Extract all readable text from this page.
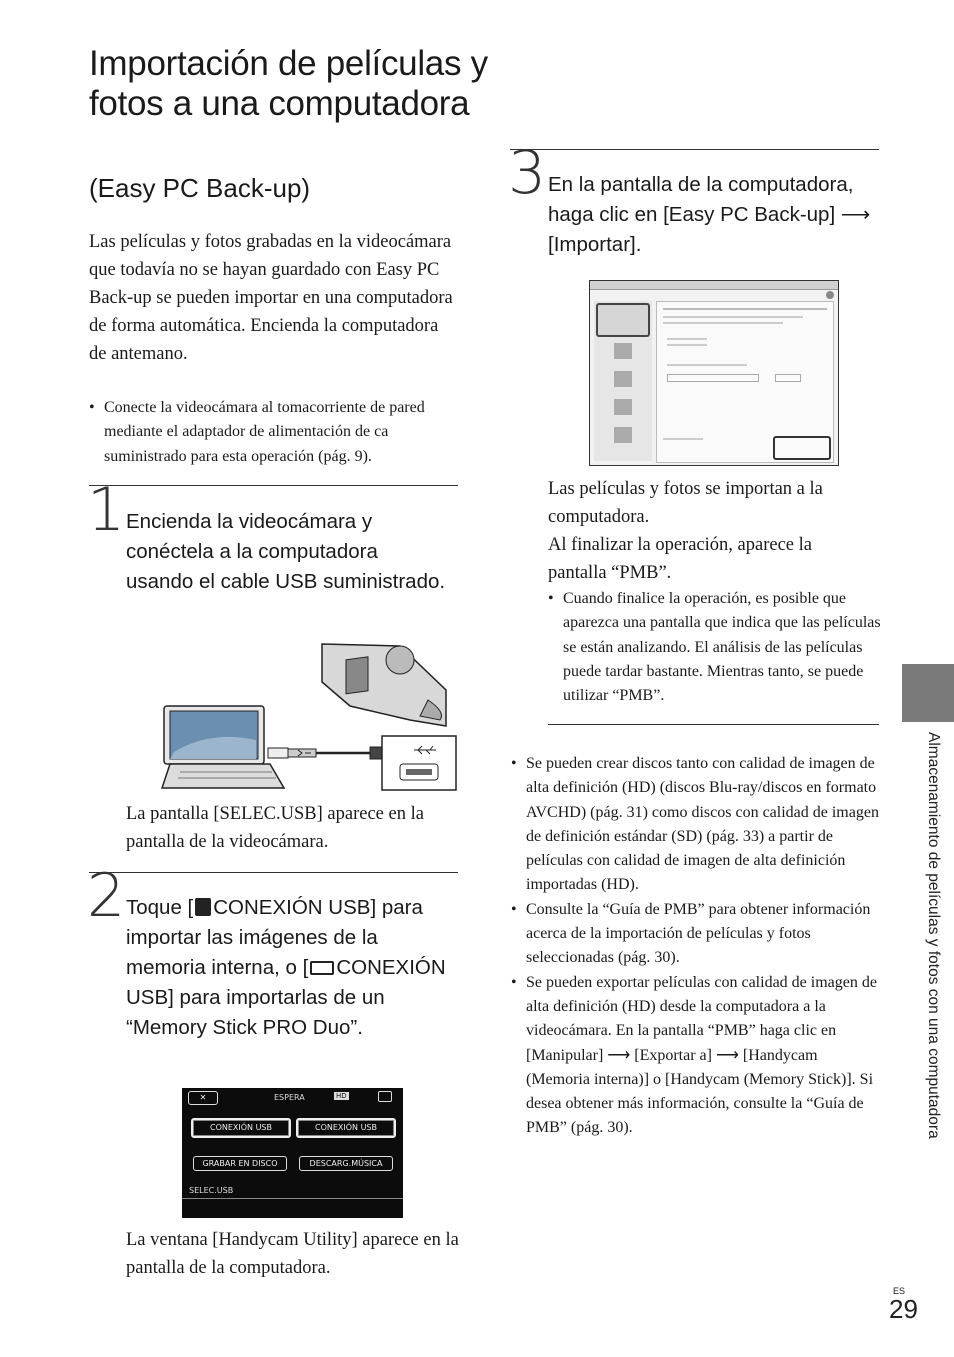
Importación de películas y fotos a una computadora
(Easy PC Back-up)
Las películas y fotos grabadas en la videocámara que todavía no se hayan guardado con Easy PC Back-up se pueden importar en una computadora de forma automática. Encienda la computadora de antemano.
• Conecte la videocámara al tomacorriente de pared mediante el adaptador de alimentación de ca suministrado para esta operación (pág. 9).
1 Encienda la videocámara y conéctela a la computadora usando el cable USB suministrado.
La pantalla [SELEC.USB] aparece en la pantalla de la videocámara.
2 Toque [ CONEXIÓN USB] para importar las imágenes de la memoria interna, o [ CONEXIÓN USB] para importarlas de un “Memory Stick PRO Duo”.
✕	ESPERA	HD
CONEXIÓN USB	CONEXIÓN USB
GRABAR EN DISCO	DESCARG.MÚSICA
SELEC.USB
La ventana [Handycam Utility] aparece en la pantalla de la computadora.
3 En la pantalla de la computadora, haga clic en [Easy PC Back-up] ⟶
[Importar].

Las películas y fotos se importan a la computadora.
Al finalizar la operación, aparece la pantalla “PMB”.
• Cuando finalice la operación, es posible que aparezca una pantalla que indica que las películas se están analizando. El análisis de las películas puede tardar bastante. Mientras tanto, se puede utilizar “PMB”.
• Se pueden crear discos tanto con calidad de imagen de alta definición (HD) (discos Blu-ray/discos en formato AVCHD) (pág. 31) como discos con calidad de imagen de definición estándar (SD) (pág. 33) a partir de películas con calidad de imagen de alta definición importadas (HD).
• Consulte la “Guía de PMB” para obtener información acerca de la importación de películas y fotos seleccionadas (pág. 30).
• Se pueden exportar películas con calidad de imagen de alta definición (HD) desde la computadora a la videocámara. En la pantalla “PMB” haga clic en [Manipular] ⟶ [Exportar a] ⟶ [Handycam (Memoria interna)] o [Handycam (Memory Stick)]. Si desea obtener más información, consulte la “Guía de PMB” (pág. 30).	Almacenamiento de películas y fotos con una computadora
ES
29
